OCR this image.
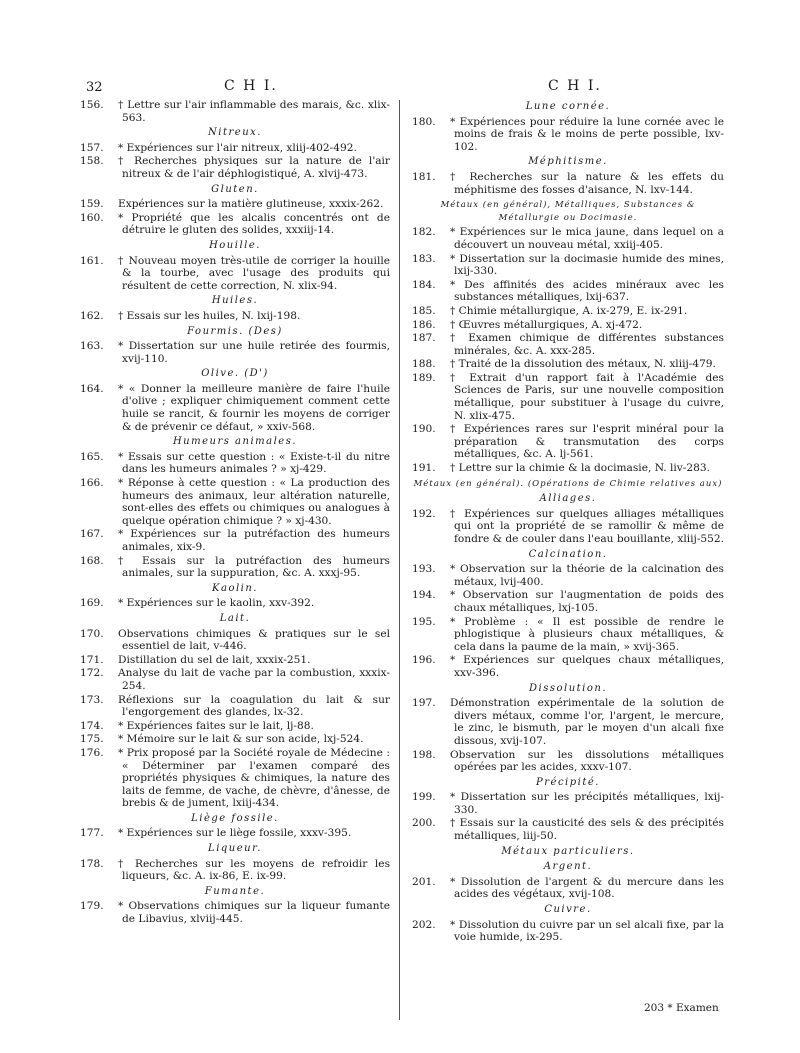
32	C H I.	C H I.
156.	† Lettre sur l'air inflammable des marais, &c. xlix-563.
Nitreux.
157.	* Expériences sur l'air nitreux, xliij-402-492.
158.	† Recherches physiques sur la nature de l'air nitreux & de l'air déphlogistiqué, A. xlvij-473.
Gluten.
159.	Expériences sur la matière glutineuse, xxxix-262.
160.	* Propriété que les alcalis concentrés ont de détruire le gluten des solides, xxxiij-14.
Houille.
161.	† Nouveau moyen très-utile de corriger la houille & la tourbe, avec l'usage des produits qui résultent de cette correction, N. xlix-94.
Huiles.
162.	† Essais sur les huiles, N. lxij-198.
Fourmis. (Des)
163.	* Dissertation sur une huile retirée des fourmis, xvij-110.
Olive. (D')
164.	* « Donner la meilleure manière de faire l'huile d'olive ; expliquer chimiquement comment cette huile se rancit, & fournir les moyens de corriger & de prévenir ce défaut, » xxiv-568.
Humeurs animales.
165.	* Essais sur cette question : « Existe-t-il du nitre dans les humeurs animales ? » xj-429.
166.	* Réponse à cette question : « La production des humeurs des animaux, leur altération naturelle, sont-elles des effets ou chimiques ou analogues à quelque opération chimique ? » xj-430.
167.	* Expériences sur la putréfaction des humeurs animales, xix-9.
168.	† Essais sur la putréfaction des humeurs animales, sur la suppuration, &c. A. xxxj-95.
Kaolin.
169.	* Expériences sur le kaolin, xxv-392.
Lait.
170.	Observations chimiques & pratiques sur le sel essentiel de lait, v-446.
171.	Distillation du sel de lait, xxxix-251.
172.	Analyse du lait de vache par la combustion, xxxix-254.
173.	Réflexions sur la coagulation du lait & sur l'engorgement des glandes, lx-32.
174.	* Expériences faites sur le lait, lj-88.
175.	* Mémoire sur le lait & sur son acide, lxj-524.
176.	* Prix proposé par la Société royale de Médecine : « Déterminer par l'examen comparé des propriétés physiques & chimiques, la nature des laits de femme, de vache, de chèvre, d'ânesse, de brebis & de jument, lxiij-434.
Liège fossile.
177.	* Expériences sur le liège fossile, xxxv-395.
Liqueur.
178.	† Recherches sur les moyens de refroidir les liqueurs, &c. A. ix-86, E. ix-99.
Fumante.
179.	* Observations chimiques sur la liqueur fumante de Libavius, xlviij-445.
Lune cornée.
180.	* Expériences pour réduire la lune cornée avec le moins de frais & le moins de perte possible, lxv-102.
Méphitisme.
181.	† Recherches sur la nature & les effets du méphitisme des fosses d'aisance, N. lxv-144.
Métaux (en général), Métalliques, Substances & Métallurgie ou Docimasie.
182.	* Expériences sur le mica jaune, dans lequel on a découvert un nouveau métal, xxiij-405.
183.	* Dissertation sur la docimasie humide des mines, lxij-330.
184.	* Des affinités des acides minéraux avec les substances métalliques, lxij-637.
185.	† Chimie métallurgique, A. ix-279, E. ix-291.
186.	† Œuvres métallurgiques, A. xj-472.
187.	† Examen chimique de différentes substances minérales, &c. A. xxx-285.
188.	† Traité de la dissolution des métaux, N. xliij-479.
189.	† Extrait d'un rapport fait à l'Académie des Sciences de Paris, sur une nouvelle composition métallique, pour substituer à l'usage du cuivre, N. xlix-475.
190.	† Expériences rares sur l'esprit minéral pour la préparation & transmutation des corps métalliques, &c. A. lj-561.
191.	† Lettre sur la chimie & la docimasie, N. liv-283.
Métaux (en général). (Opérations de Chimie relatives aux)
Alliages.
192.	† Expériences sur quelques alliages métalliques qui ont la propriété de se ramollir & même de fondre & de couler dans l'eau bouillante, xliij-552.
Calcination.
193.	* Observation sur la théorie de la calcination des métaux, lvij-400.
194.	* Observation sur l'augmentation de poids des chaux métalliques, lxj-105.
195.	* Problème : « Il est possible de rendre le phlogistique à plusieurs chaux métalliques, & cela dans la paume de la main, » xvij-365.
196.	* Expériences sur quelques chaux métalliques, xxv-396.
Dissolution.
197.	Démonstration expérimentale de la solution de divers métaux, comme l'or, l'argent, le mercure, le zinc, le bismuth, par le moyen d'un alcali fixe dissous, xvij-107.
198.	Observation sur les dissolutions métalliques opérées par les acides, xxxv-107.
Précipité.
199.	* Dissertation sur les précipités métalliques, lxij-330.
200.	† Essais sur la causticité des sels & des précipités métalliques, liij-50.
Métaux particuliers.
Argent.
201.	* Dissolution de l'argent & du mercure dans les acides des végétaux, xvij-108.
Cuivre.
202.	* Dissolution du cuivre par un sel alcali fixe, par la voie humide, ix-295.
203 * Examen
